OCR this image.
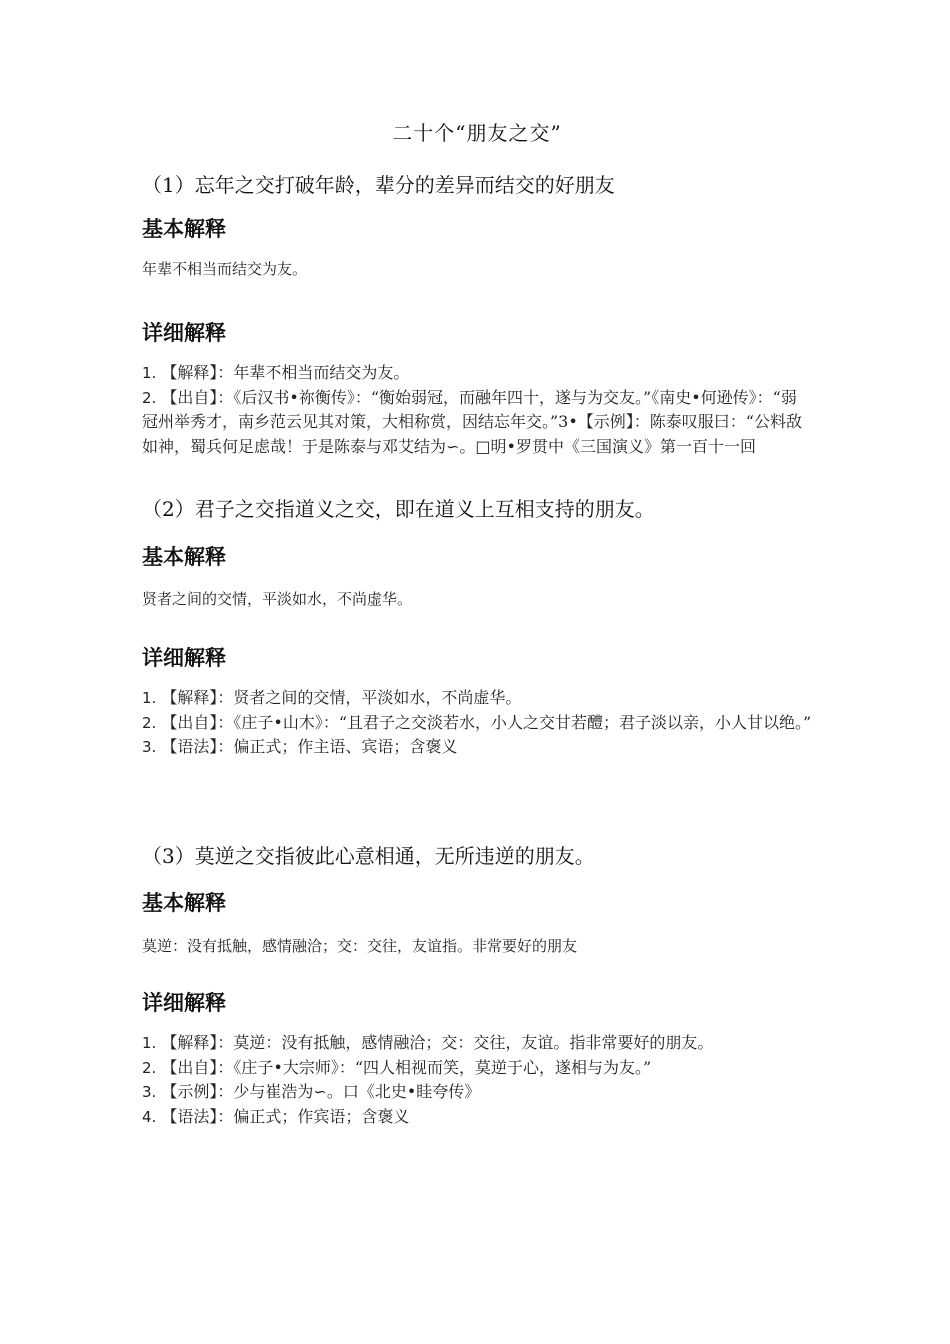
二十个“朋友之交”
（1）忘年之交打破年龄，辈分的差异而结交的好朋友
基本解释
年辈不相当而结交为友。
详细解释
1. 【解释】：年辈不相当而结交为友。
2. 【出自】：《后汉书•祢衡传》：“衡始弱冠，而融年四十，遂与为交友。”《南史•何逊传》：“弱冠州举秀才，南乡范云见其对策，大相称赏，因结忘年交。”3•【示例】：陈泰叹服曰：“公料敌如神，蜀兵何足虑哉！于是陈泰与邓艾结为∽。□明•罗贯中《三国演义》第一百十一回
（2）君子之交指道义之交，即在道义上互相支持的朋友。
基本解释
贤者之间的交情，平淡如水，不尚虚华。
详细解释
1. 【解释】：贤者之间的交情，平淡如水，不尚虚华。
2. 【出自】：《庄子•山木》：“且君子之交淡若水，小人之交甘若醴；君子淡以亲，小人甘以绝。”
3. 【语法】：偏正式；作主语、宾语；含褒义
（3）莫逆之交指彼此心意相通，无所违逆的朋友。
基本解释
莫逆：没有抵触，感情融洽；交：交往，友谊指。非常要好的朋友
详细解释
1. 【解释】：莫逆：没有抵触，感情融洽；交：交往，友谊。指非常要好的朋友。
2. 【出自】：《庄子•大宗师》：“四人相视而笑，莫逆于心，遂相与为友。”
3. 【示例】：少与崔浩为∽。口《北史•眭夸传》
4. 【语法】：偏正式；作宾语；含褒义
